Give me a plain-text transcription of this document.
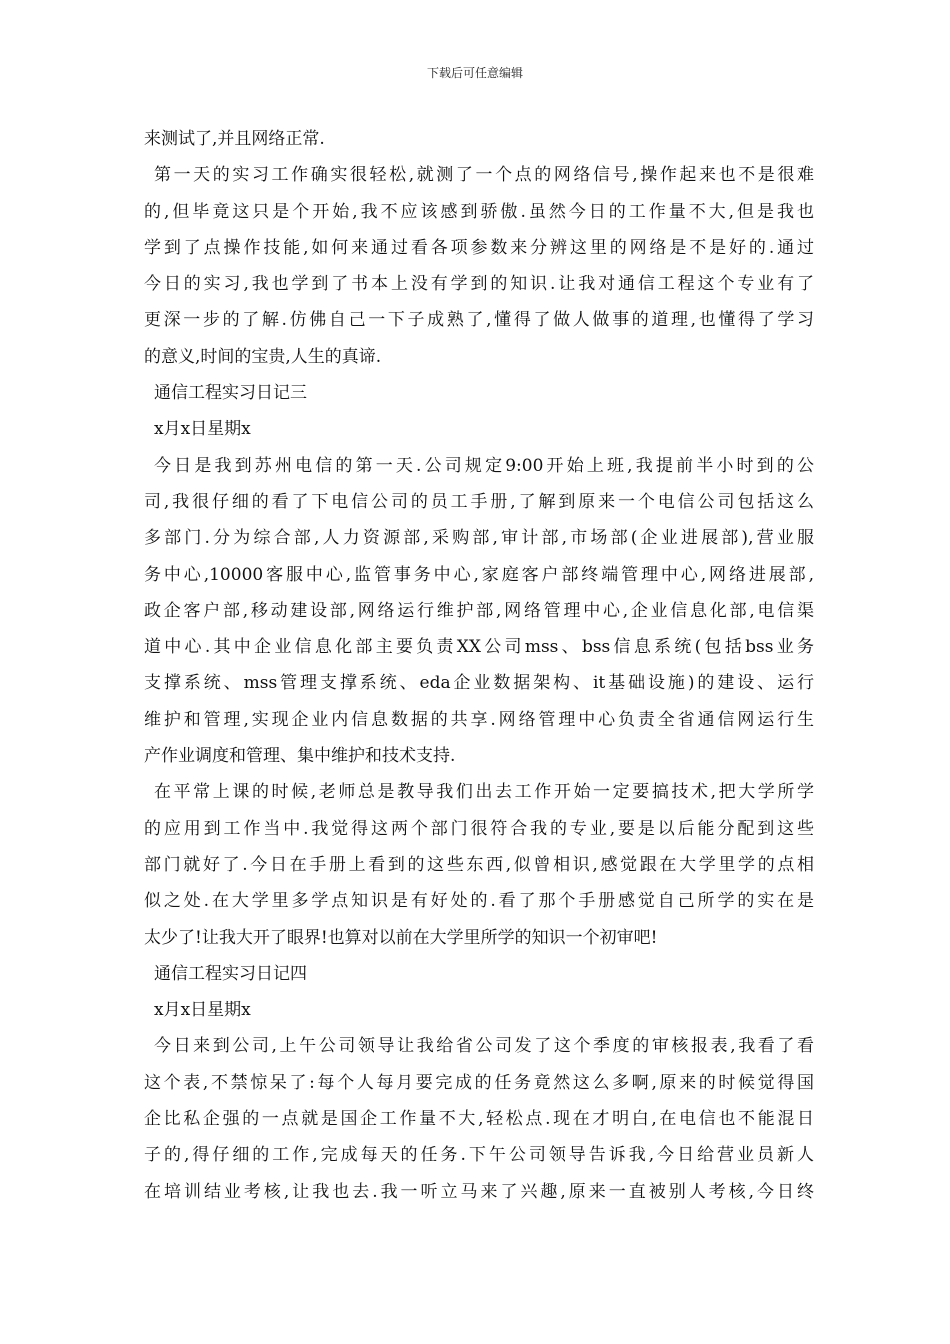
下载后可任意编辑
来测试了,并且网络正常.
第一天的实习工作确实很轻松,就测了一个点的网络信号,操作起来也不是很难
的,但毕竟这只是个开始,我不应该感到骄傲.虽然今日的工作量不大,但是我也
学到了点操作技能,如何来通过看各项参数来分辨这里的网络是不是好的.通过
今日的实习,我也学到了书本上没有学到的知识.让我对通信工程这个专业有了
更深一步的了解.仿佛自己一下子成熟了,懂得了做人做事的道理,也懂得了学习
的意义,时间的宝贵,人生的真谛.
通信工程实习日记三
x月x日星期x
今日是我到苏州电信的第一天.公司规定9:00开始上班,我提前半小时到的公
司,我很仔细的看了下电信公司的员工手册,了解到原来一个电信公司包括这么
多部门.分为综合部,人力资源部,采购部,审计部,市场部(企业进展部),营业服
务中心,10000客服中心,监管事务中心,家庭客户部终端管理中心,网络进展部,
政企客户部,移动建设部,网络运行维护部,网络管理中心,企业信息化部,电信渠
道中心.其中企业信息化部主要负责XX公司mss、bss信息系统(包括bss业务
支撑系统、mss管理支撑系统、eda企业数据架构、it基础设施)的建设、运行
维护和管理,实现企业内信息数据的共享.网络管理中心负责全省通信网运行生
产作业调度和管理、集中维护和技术支持.
在平常上课的时候,老师总是教导我们出去工作开始一定要搞技术,把大学所学
的应用到工作当中.我觉得这两个部门很符合我的专业,要是以后能分配到这些
部门就好了.今日在手册上看到的这些东西,似曾相识,感觉跟在大学里学的点相
似之处.在大学里多学点知识是有好处的.看了那个手册感觉自己所学的实在是
太少了!让我大开了眼界!也算对以前在大学里所学的知识一个初审吧!
通信工程实习日记四
x月x日星期x
今日来到公司,上午公司领导让我给省公司发了这个季度的审核报表,我看了看
这个表,不禁惊呆了:每个人每月要完成的任务竟然这么多啊,原来的时候觉得国
企比私企强的一点就是国企工作量不大,轻松点.现在才明白,在电信也不能混日
子的,得仔细的工作,完成每天的任务.下午公司领导告诉我,今日给营业员新人
在培训结业考核,让我也去.我一听立马来了兴趣,原来一直被别人考核,今日终
